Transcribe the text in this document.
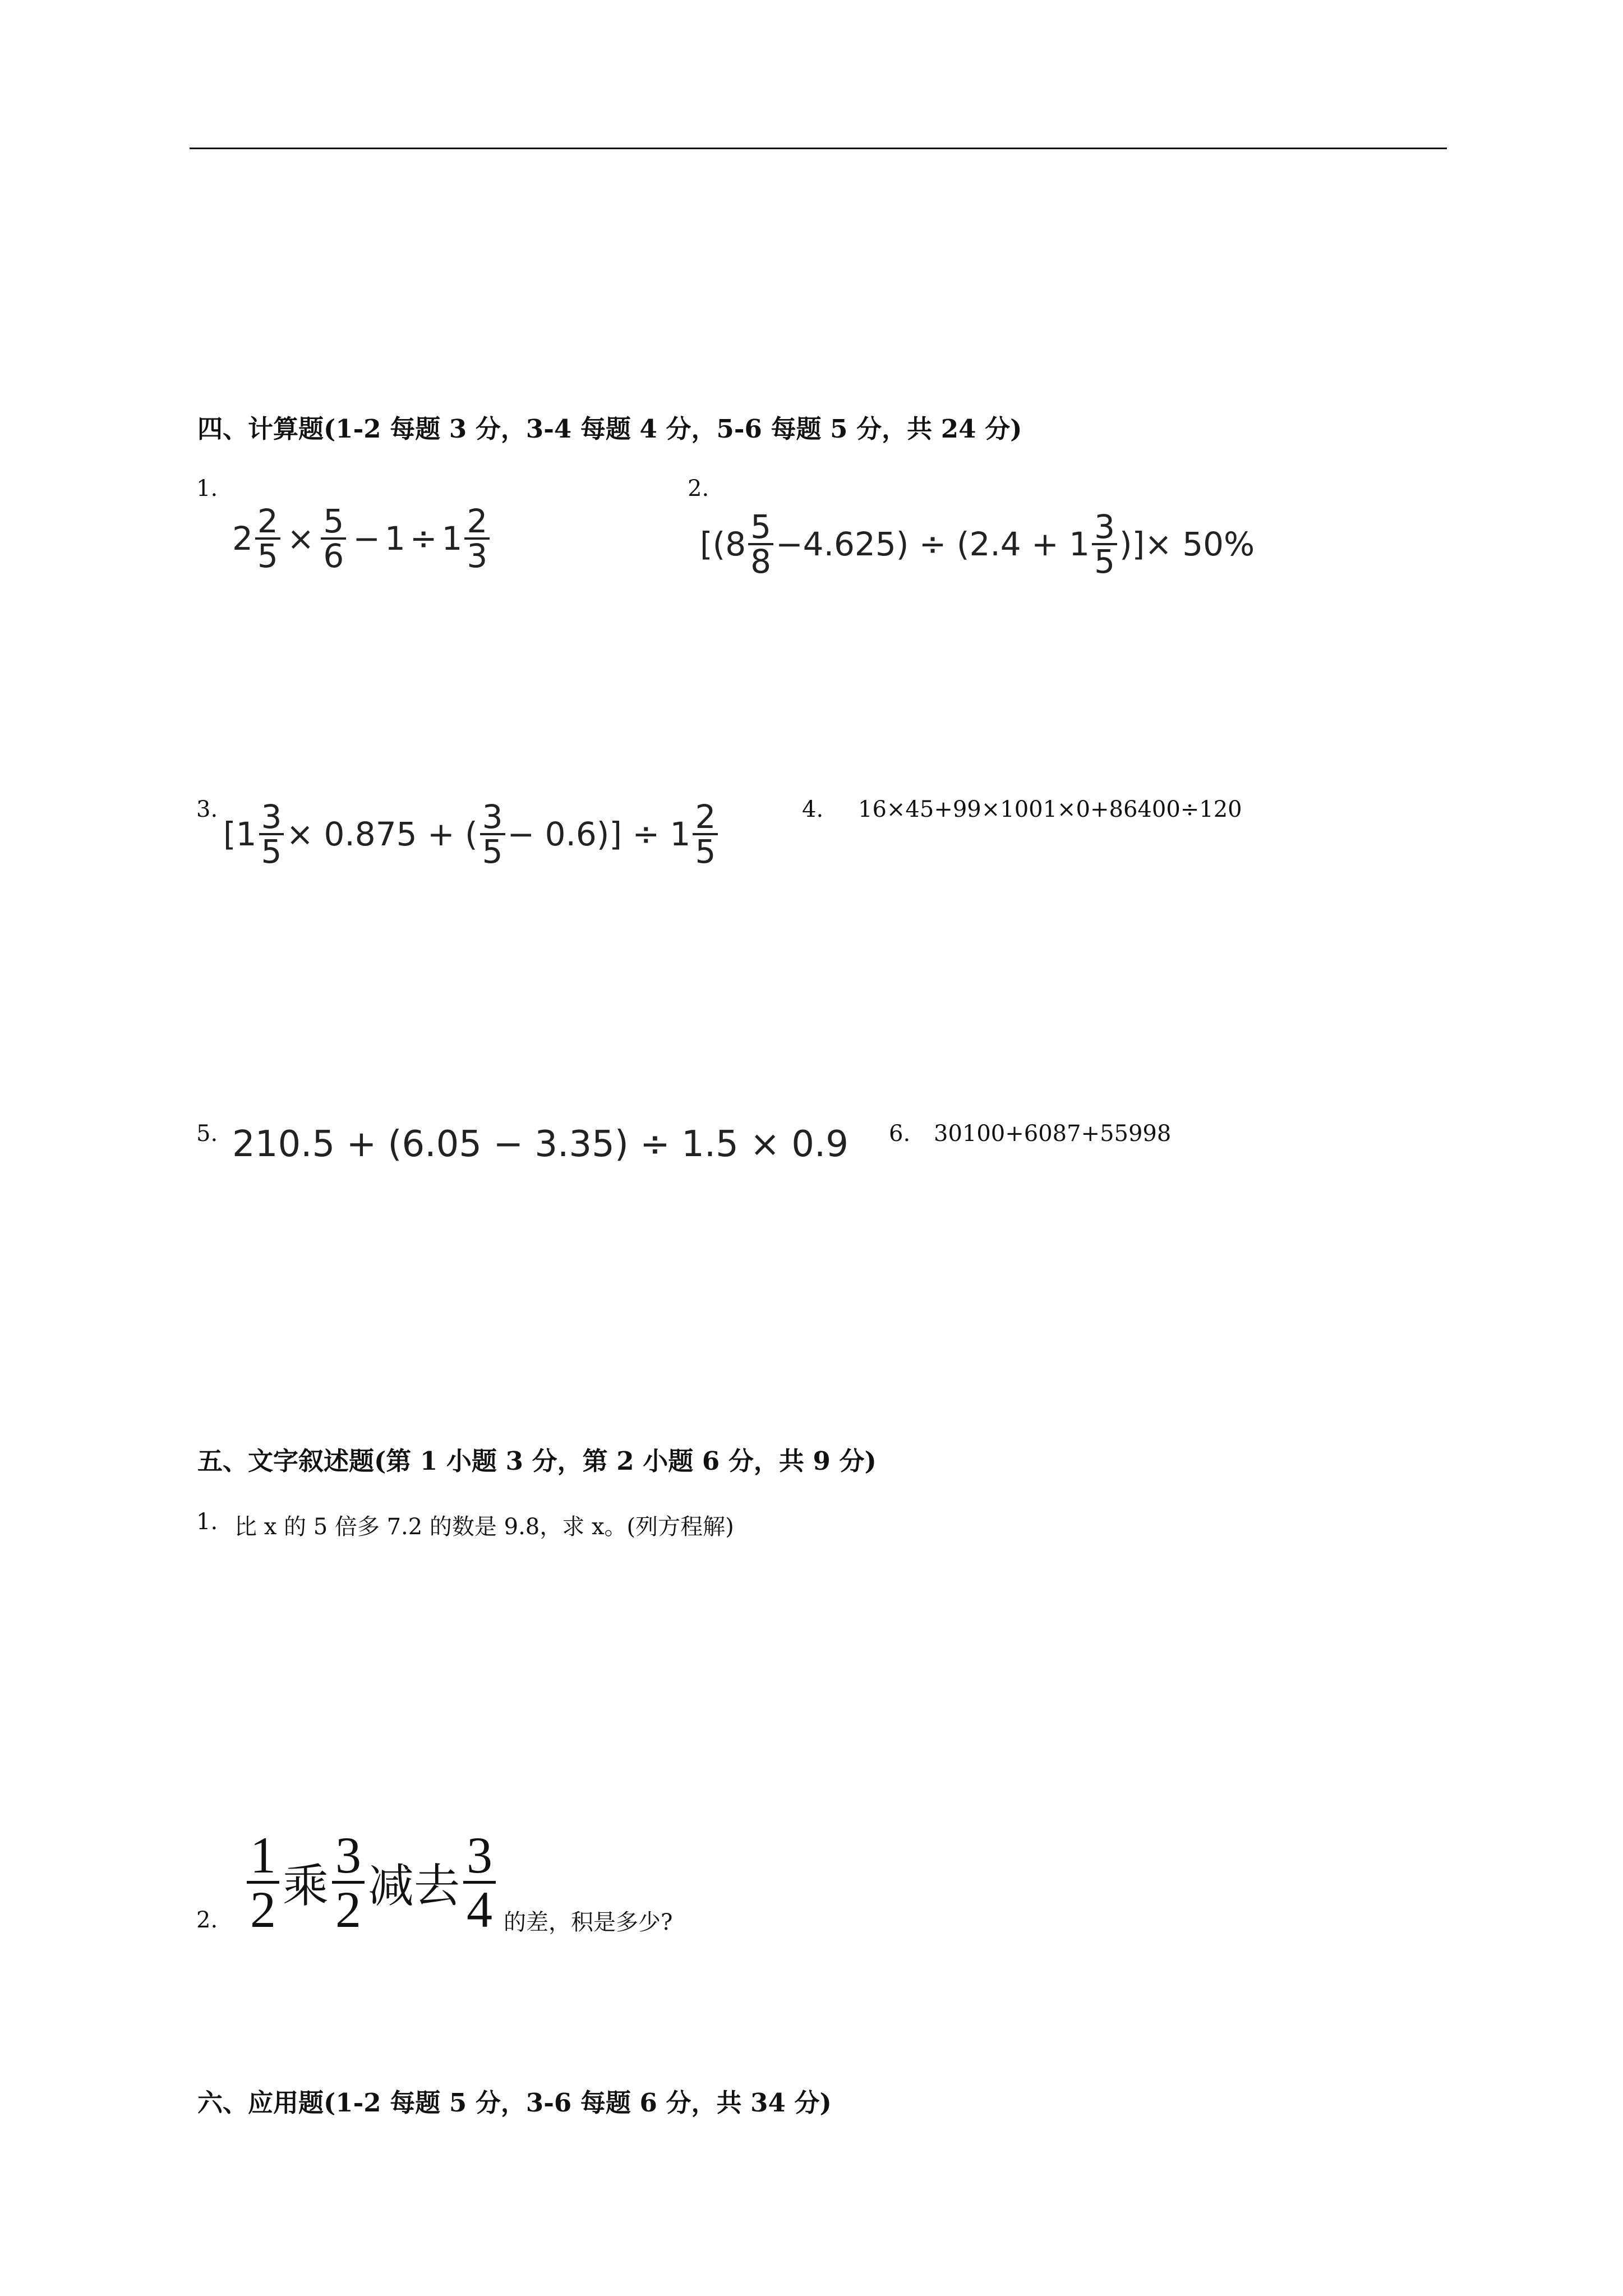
四、计算题(1-2 每题 3 分，3-4 每题 4 分，5-6 每题 5 分，共 24 分)
1.
$2 \frac{2}{5} \times \frac{5}{6} - 1 \div 1 \frac{2}{3}$
2.
[$(8 \frac{5}{8} -4.625) \div (2.4 + 1 \frac{3}{5}$ )]× 50%
3.
[$1 \frac{3}{5} \times 0.875$ + ( $\frac{3}{5} - 0.6)] \div 1 \frac{2}{5}$	4. 16×45+99×1001×0+86400÷120
5. 210.5 + (6.05 − 3.35) ÷ 1.5 × 0.9 6. 30100+6087+55998
五、文字叙述题(第 1 小题 3 分，第 2 小题 6 分，共 9 分)
1. 比 x 的 5 倍多 7.2 的数是 9.8，求 x。(列方程解)
2. $\frac{1}{2}$ 乘 $\frac{3}{2}$ 减去 $\frac{3}{4}$ 的差，积是多少?
六、应用题(1-2 每题 5 分，3-6 每题 6 分，共 34 分)
